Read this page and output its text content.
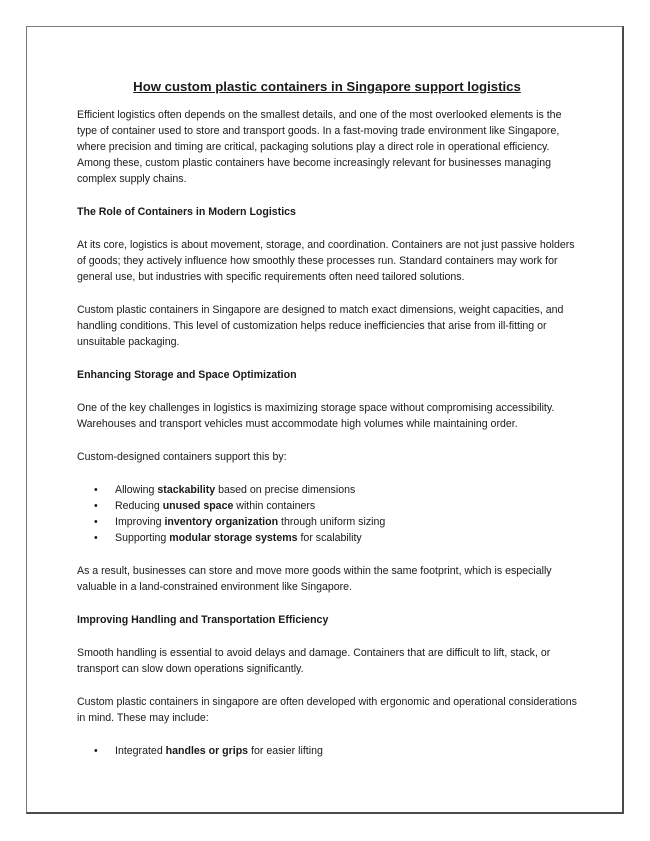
How custom plastic containers in Singapore support logistics

Efficient logistics often depends on the smallest details, and one of the most overlooked elements is the type of container used to store and transport goods. In a fast-moving trade environment like Singapore, where precision and timing are critical, packaging solutions play a direct role in operational efficiency. Among these, custom plastic containers have become increasingly relevant for businesses managing complex supply chains.

The Role of Containers in Modern Logistics

At its core, logistics is about movement, storage, and coordination. Containers are not just passive holders of goods; they actively influence how smoothly these processes run. Standard containers may work for general use, but industries with specific requirements often need tailored solutions.

Custom plastic containers in Singapore are designed to match exact dimensions, weight capacities, and handling conditions. This level of customization helps reduce inefficiencies that arise from ill-fitting or unsuitable packaging.

Enhancing Storage and Space Optimization

One of the key challenges in logistics is maximizing storage space without compromising accessibility. Warehouses and transport vehicles must accommodate high volumes while maintaining order.

Custom-designed containers support this by:

• Allowing stackability based on precise dimensions
• Reducing unused space within containers
• Improving inventory organization through uniform sizing
• Supporting modular storage systems for scalability

As a result, businesses can store and move more goods within the same footprint, which is especially valuable in a land-constrained environment like Singapore.

Improving Handling and Transportation Efficiency

Smooth handling is essential to avoid delays and damage. Containers that are difficult to lift, stack, or transport can slow down operations significantly.

Custom plastic containers in singapore are often developed with ergonomic and operational considerations in mind. These may include:

• Integrated handles or grips for easier lifting
